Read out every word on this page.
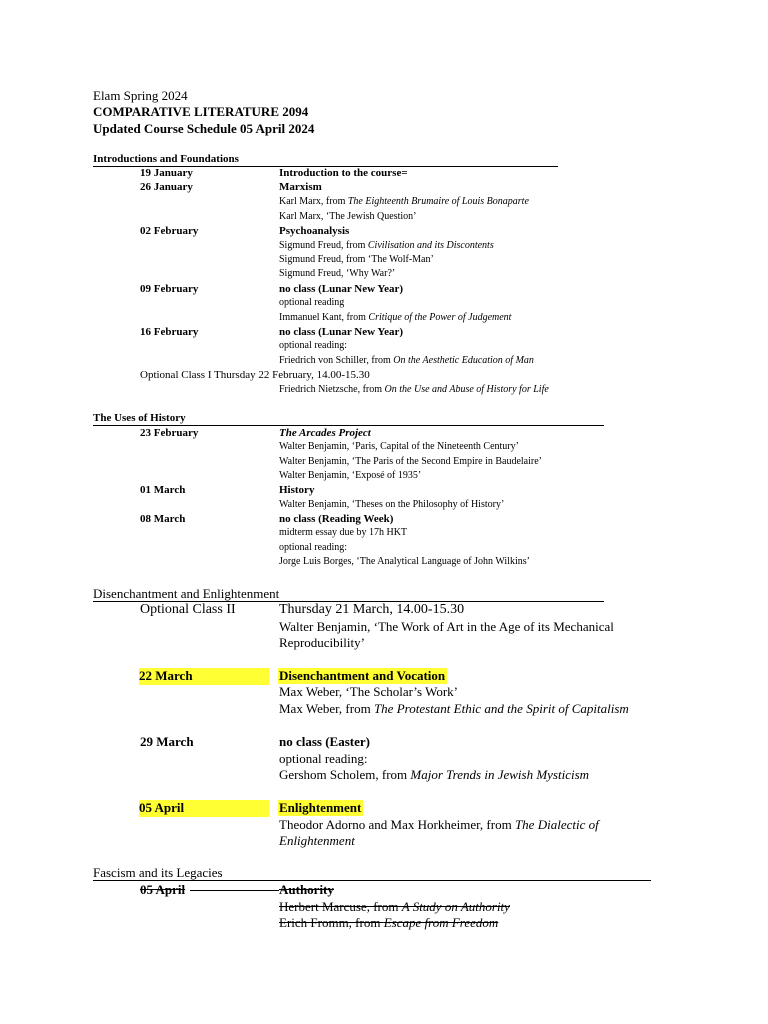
Elam Spring 2024
COMPARATIVE LITERATURE 2094
Updated Course Schedule 05 April 2024
Introductions and Foundations
19 January	Introduction to the course=
26 January	Marxism
Karl Marx, from The Eighteenth Brumaire of Louis Bonaparte
Karl Marx, ‘The Jewish Question’
02 February	Psychoanalysis
Sigmund Freud, from Civilisation and its Discontents
Sigmund Freud, from ‘The Wolf-Man’
Sigmund Freud, ‘Why War?’
09 February	no class (Lunar New Year)
optional reading
Immanuel Kant, from Critique of the Power of Judgement
16 February	no class (Lunar New Year)
optional reading:
Friedrich von Schiller, from On the Aesthetic Education of Man
Optional Class I Thursday 22 February, 14.00-15.30
Friedrich Nietzsche, from On the Use and Abuse of History for Life
The Uses of History
23 February	The Arcades Project
Walter Benjamin, ‘Paris, Capital of the Nineteenth Century’
Walter Benjamin, ‘The Paris of the Second Empire in Baudelaire’
Walter Benjamin, ‘Exposé of 1935’
01 March	History
Walter Benjamin, ‘Theses on the Philosophy of History’
08 March	no class (Reading Week)
midterm essay due by 17h HKT
optional reading:
Jorge Luis Borges, ‘The Analytical Language of John Wilkins’
Disenchantment and Enlightenment
Optional Class II	Thursday 21 March, 14.00-15.30
Walter Benjamin, ‘The Work of Art in the Age of its Mechanical
Reproducibility’
22 March	Disenchantment and Vocation
Max Weber, ‘The Scholar’s Work’
Max Weber, from The Protestant Ethic and the Spirit of Capitalism
29 March	no class (Easter)
optional reading:
Gershom Scholem, from Major Trends in Jewish Mysticism
05 April	Enlightenment
Theodor Adorno and Max Horkheimer, from The Dialectic of
Enlightenment
Fascism and its Legacies
05 April	Authority
Herbert Marcuse, from A Study on Authority
Erich Fromm, from Escape from Freedom
